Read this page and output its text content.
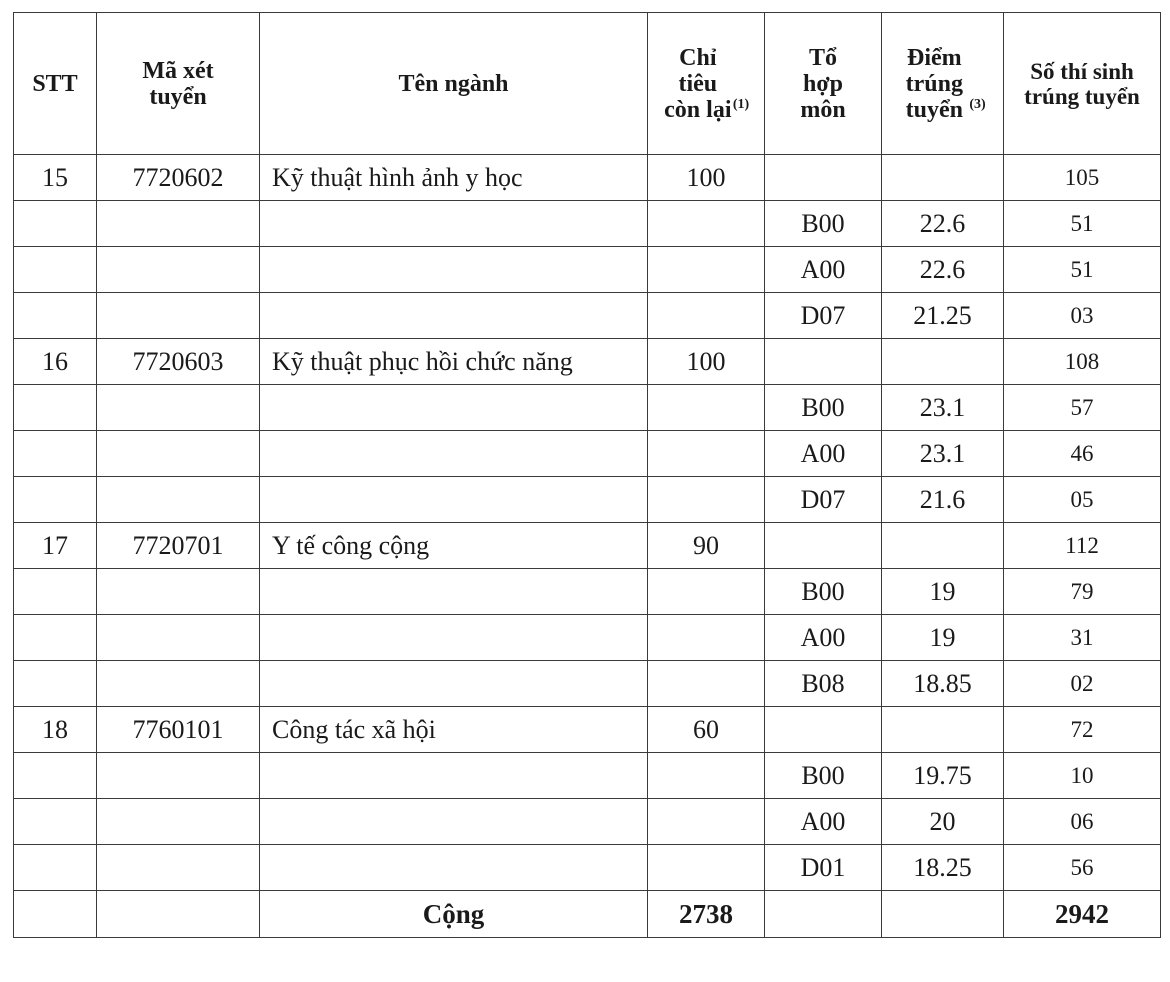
STT	Mã xét tuyển	Tên ngành	Chỉ tiêu còn lại$^{(1)}$	Tổ hợp môn	Điểm trúng tuyển $^{(3)}$	Số thí sinh trúng tuyển
15	7720602	Kỹ thuật hình ảnh y học	100			105
				B00	22.6	51
				A00	22.6	51
				D07	21.25	03
16	7720603	Kỹ thuật phục hồi chức năng	100			108
				B00	23.1	57
				A00	23.1	46
				D07	21.6	05
17	7720701	Y tế công cộng	90			112
				B00	19	79
				A00	19	31
				B08	18.85	02
18	7760101	Công tác xã hội	60			72
				B00	19.75	10
				A00	20	06
				D01	18.25	56
		Cộng	2738			2942
